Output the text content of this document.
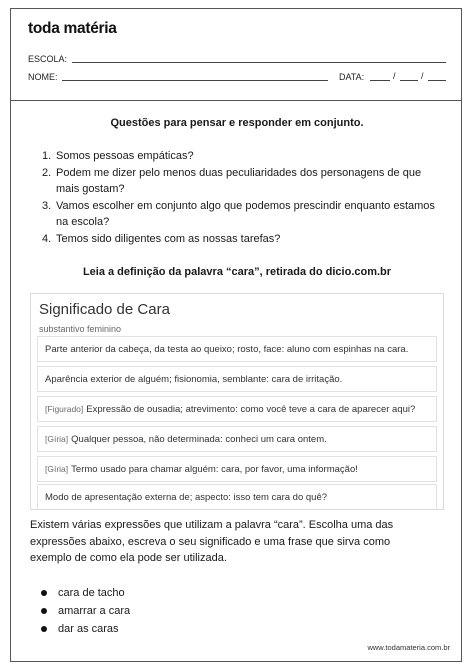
toda matéria
ESCOLA:
NOME:	DATA:	/	/
Questões para pensar e responder em conjunto.
1. Somos pessoas empáticas?
2. Podem me dizer pelo menos duas peculiaridades dos personagens de que mais gostam?
3. Vamos escolher em conjunto algo que podemos prescindir enquanto estamos na escola?
4. Temos sido diligentes com as nossas tarefas?
Leia a definição da palavra “cara”, retirada do dicio.com.br
Significado de Cara
substantivo feminino
Parte anterior da cabeça, da testa ao queixo; rosto, face: aluno com espinhas na cara.
Aparência exterior de alguém; fisionomia, semblante: cara de irritação.
[Figurado] Expressão de ousadia; atrevimento: como você teve a cara de aparecer aqui?
[Gíria] Qualquer pessoa, não determinada: conheci um cara ontem.
[Gíria] Termo usado para chamar alguém: cara, por favor, uma informação!
Modo de apresentação externa de; aspecto: isso tem cara do quê?
Existem várias expressões que utilizam a palavra “cara”. Escolha uma das
expressões abaixo, escreva o seu significado e uma frase que sirva como
exemplo de como ela pode ser utilizada.
cara de tacho
amarrar a cara
dar as caras
www.todamateria.com.br
